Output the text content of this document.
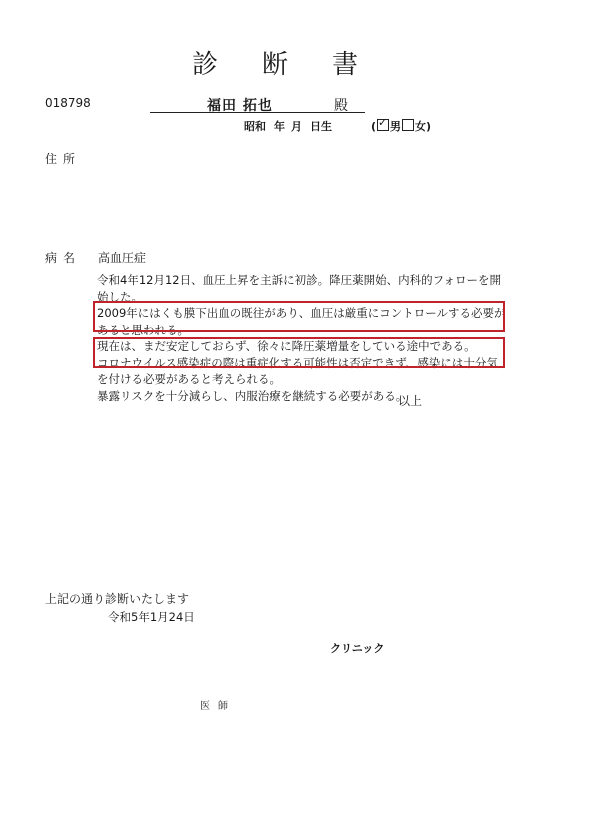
診 断 書
018798	福田 拓也	殿
昭和 年 月 日生	(✓ 男 女)
住所
病名 高血圧症

令和4年12月12日、血圧上昇を主訴に初診。降圧薬開始、内科的フォローを開始した。

2009年にはくも膜下出血の既往があり、血圧は厳重にコントロールする必要があると思われる。

現在は、まだ安定しておらず、徐々に降圧薬増量をしている途中である。

コロナウイルス感染症の際は重症化する可能性は否定できず、感染には十分気を付ける必要があると考えられる。

暴露リスクを十分減らし、内服治療を継続する必要がある。

以上
上記の通り診断いたします
令和5年1月24日
クリニック
医師
